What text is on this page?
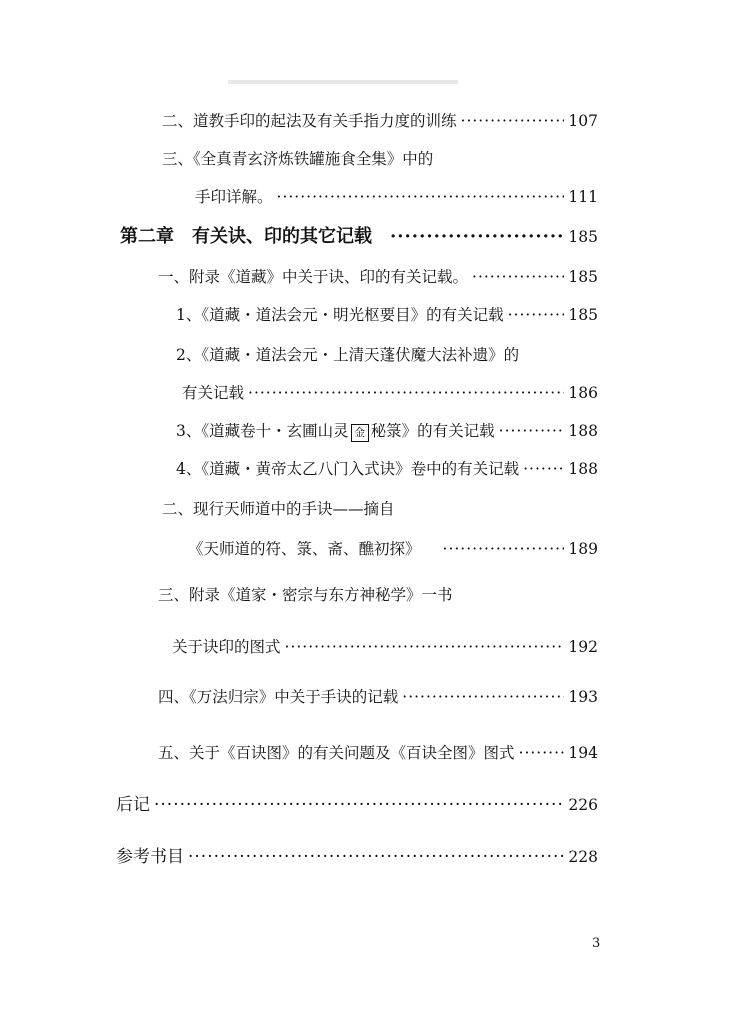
二、道教手印的起法及有关手指力度的训练 ·····	107
三、《全真青玄济炼铁罐施食全集》中的
手印详解。 ·····	111
第二章　有关诀、印的其它记载 ·····	185
一、附录《道藏》中关于诀、印的有关记载。 ·····	185
1、《道藏・道法会元・明光枢要目》的有关记载 ·····	185
2、《道藏・道法会元・上清天蓬伏魔大法补遗》的
有关记载 ·····	186
3、《道藏卷十・玄圃山灵 金 秘箓》的有关记载 ·····	188
4、《道藏・黄帝太乙八门入式诀》卷中的有关记载 ·····	188
二、现行天师道中的手诀——摘自
《天师道的符、箓、斋、醮初探》 ·····	189
三、附录《道家・密宗与东方神秘学》一书
关于诀印的图式 ·····	192
四、《万法归宗》中关于手诀的记载 ·····	193
五、关于《百诀图》的有关问题及《百诀全图》图式 ·····	194
后记 ·····	226
参考书目 ·····	228
3
